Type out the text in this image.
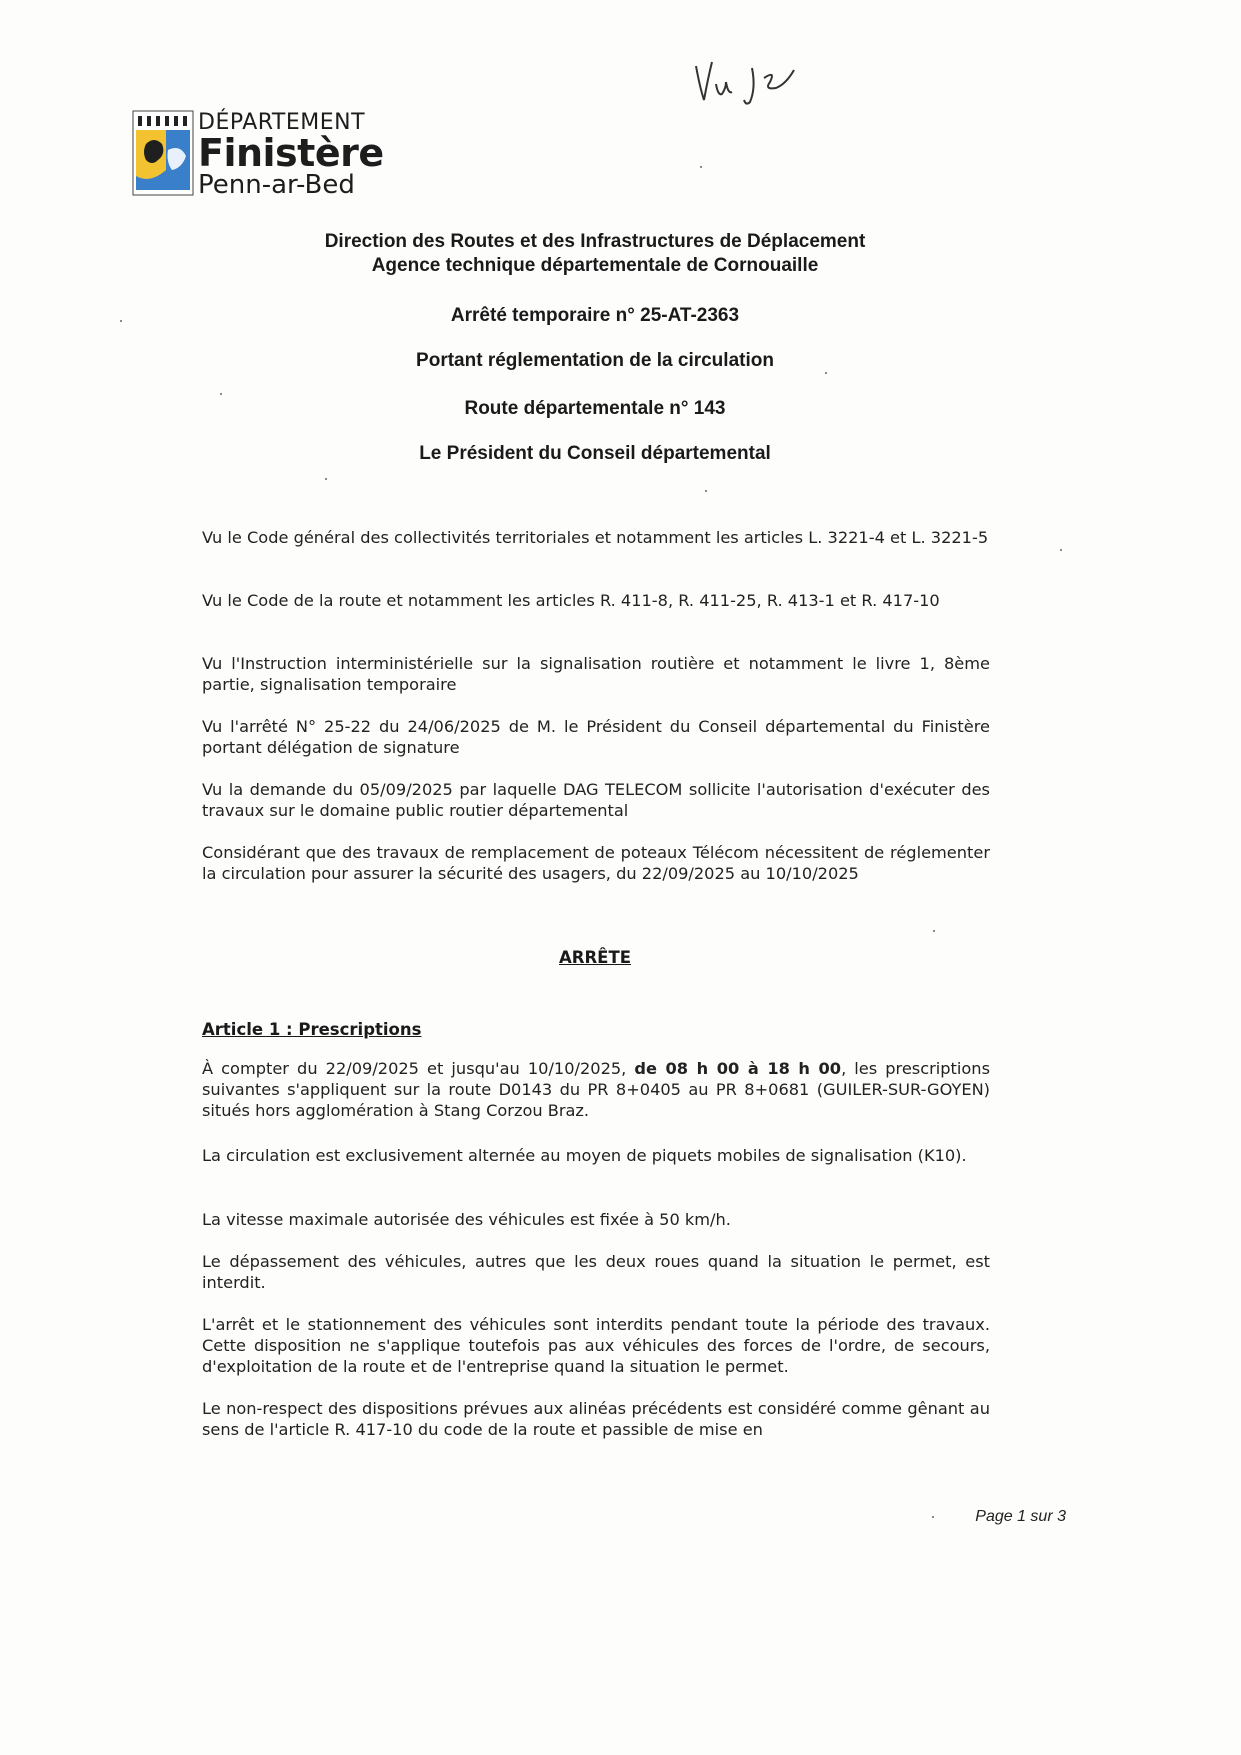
Vu je
DÉPARTEMENT
Finistère
Penn-ar-Bed
Direction des Routes et des Infrastructures de Déplacement
Agence technique départementale de Cornouaille
Arrêté temporaire n° 25-AT-2363
Portant réglementation de la circulation
Route départementale n° 143
Le Président du Conseil départemental

Vu le Code général des collectivités territoriales et notamment les articles L. 3221-4 et L. 3221-5

Vu le Code de la route et notamment les articles R. 411-8, R. 411-25, R. 413-1 et R. 417-10

Vu l'Instruction interministérielle sur la signalisation routière et notamment le livre 1, 8ème partie, signalisation temporaire

Vu l'arrêté N° 25-22 du 24/06/2025 de M. le Président du Conseil départemental du Finistère portant délégation de signature

Vu la demande du 05/09/2025 par laquelle DAG TELECOM sollicite l'autorisation d'exécuter des travaux sur le domaine public routier départemental

Considérant que des travaux de remplacement de poteaux Télécom nécessitent de réglementer la circulation pour assurer la sécurité des usagers, du 22/09/2025 au 10/10/2025

ARRÊTE
Article 1 : Prescriptions

À compter du 22/09/2025 et jusqu'au 10/10/2025, de 08 h 00 à 18 h 00, les prescriptions suivantes s'appliquent sur la route D0143 du PR 8+0405 au PR 8+0681 (GUILER-SUR-GOYEN) situés hors agglomération à Stang Corzou Braz.

La circulation est exclusivement alternée au moyen de piquets mobiles de signalisation (K10).

La vitesse maximale autorisée des véhicules est fixée à 50 km/h.

Le dépassement des véhicules, autres que les deux roues quand la situation le permet, est interdit.

L'arrêt et le stationnement des véhicules sont interdits pendant toute la période des travaux. Cette disposition ne s'applique toutefois pas aux véhicules des forces de l'ordre, de secours, d'exploitation de la route et de l'entreprise quand la situation le permet.

Le non-respect des dispositions prévues aux alinéas précédents est considéré comme gênant au sens de l'article R. 417-10 du code de la route et passible de mise en

Page 1 sur 3
